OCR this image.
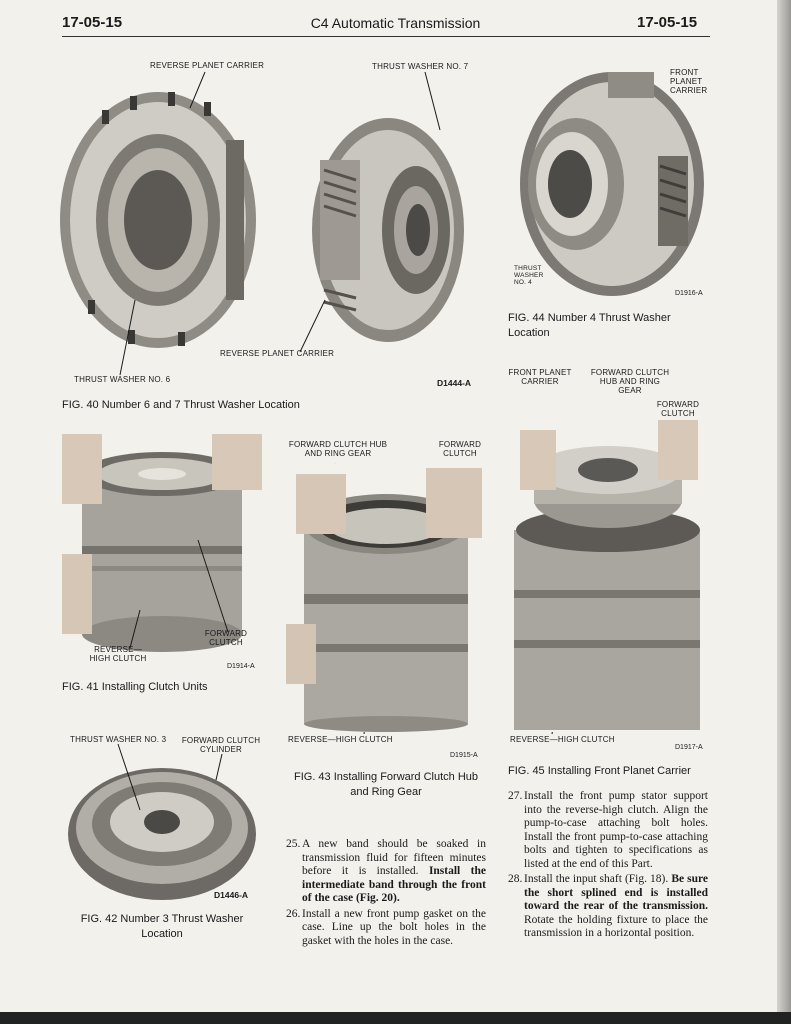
17-05-15	C4 Automatic Transmission	17-05-15
REVERSE PLANET CARRIER	THRUST WASHER NO. 7
REVERSE PLANET CARRIER
THRUST WASHER NO. 6	D1444-A
FIG. 40 Number 6 and 7 Thrust Washer Location
FRONT PLANET CARRIER
THRUST WASHER NO. 4
D1916-A
FIG. 44 Number 4 Thrust Washer Location
FORWARD CLUTCH
REVERSE—HIGH CLUTCH
D1914-A
FIG. 41 Installing Clutch Units
FORWARD CLUTCH HUB AND RING GEAR
FORWARD CLUTCH
REVERSE—HIGH CLUTCH
D1915-A
FIG. 43 Installing Forward Clutch Hub and Ring Gear
FRONT PLANET CARRIER
FORWARD CLUTCH HUB AND RING GEAR
FORWARD CLUTCH
REVERSE—HIGH CLUTCH
D1917-A
FIG. 45 Installing Front Planet Carrier
THRUST WASHER NO. 3 FORWARD CLUTCH CYLINDER
D1446-A
FIG. 42 Number 3 Thrust Washer Location

25. A new band should be soaked in transmission fluid for fifteen minutes before it is installed. Install the intermediate band through the front of the case (Fig. 20).

26. Install a new front pump gasket on the case. Line up the bolt holes in the gasket with the holes in the case.

27. Install the front pump stator support into the reverse-high clutch. Align the pump-to-case attaching bolt holes. Install the front pump-to-case attaching bolts and tighten to specifications as listed at the end of this Part.

28. Install the input shaft (Fig. 18). Be sure the short splined end is installed toward the rear of the transmission. Rotate the holding fixture to place the transmission in a horizontal position.
